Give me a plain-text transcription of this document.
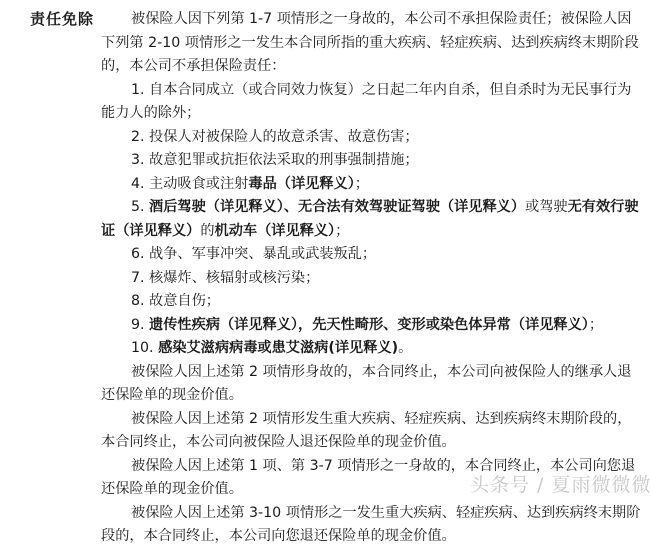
责任免除	被保险人因下列第 1-7 项情形之一身故的，本公司不承担保险责任；被保险人因下列第 2-10 项情形之一发生本合同所指的重大疾病、轻症疾病、达到疾病终末期阶段的，本公司不承担保险责任：

1. 自本合同成立（或合同效力恢复）之日起二年内自杀，但自杀时为无民事行为能力人的除外；

2. 投保人对被保险人的故意杀害、故意伤害；

3. 故意犯罪或抗拒依法采取的刑事强制措施；

4. 主动吸食或注射毒品（详见释义）；

5. 酒后驾驶（详见释义）、无合法有效驾驶证驾驶（详见释义）或驾驶无有效行驶证（详见释义）的机动车（详见释义）；

6. 战争、军事冲突、暴乱或武装叛乱；

7. 核爆炸、核辐射或核污染；

8. 故意自伤；

9. 遗传性疾病（详见释义），先天性畸形、变形或染色体异常（详见释义）；

10. 感染艾滋病病毒或患艾滋病(详见释义)。

被保险人因上述第 2 项情形身故的，本合同终止，本公司向被保险人的继承人退还保险单的现金价值。

被保险人因上述第 2 项情形发生重大疾病、轻症疾病、达到疾病终末期阶段的，本合同终止，本公司向被保险人退还保险单的现金价值。

被保险人因上述第 1 项、第 3-7 项情形之一身故的，本合同终止，本公司向您退还保险单的现金价值。

被保险人因上述第 3-10 项情形之一发生重大疾病、轻症疾病、达到疾病终末期阶段的，本合同终止，本公司向您退还保险单的现金价值。

头条号 / 夏雨微微微
